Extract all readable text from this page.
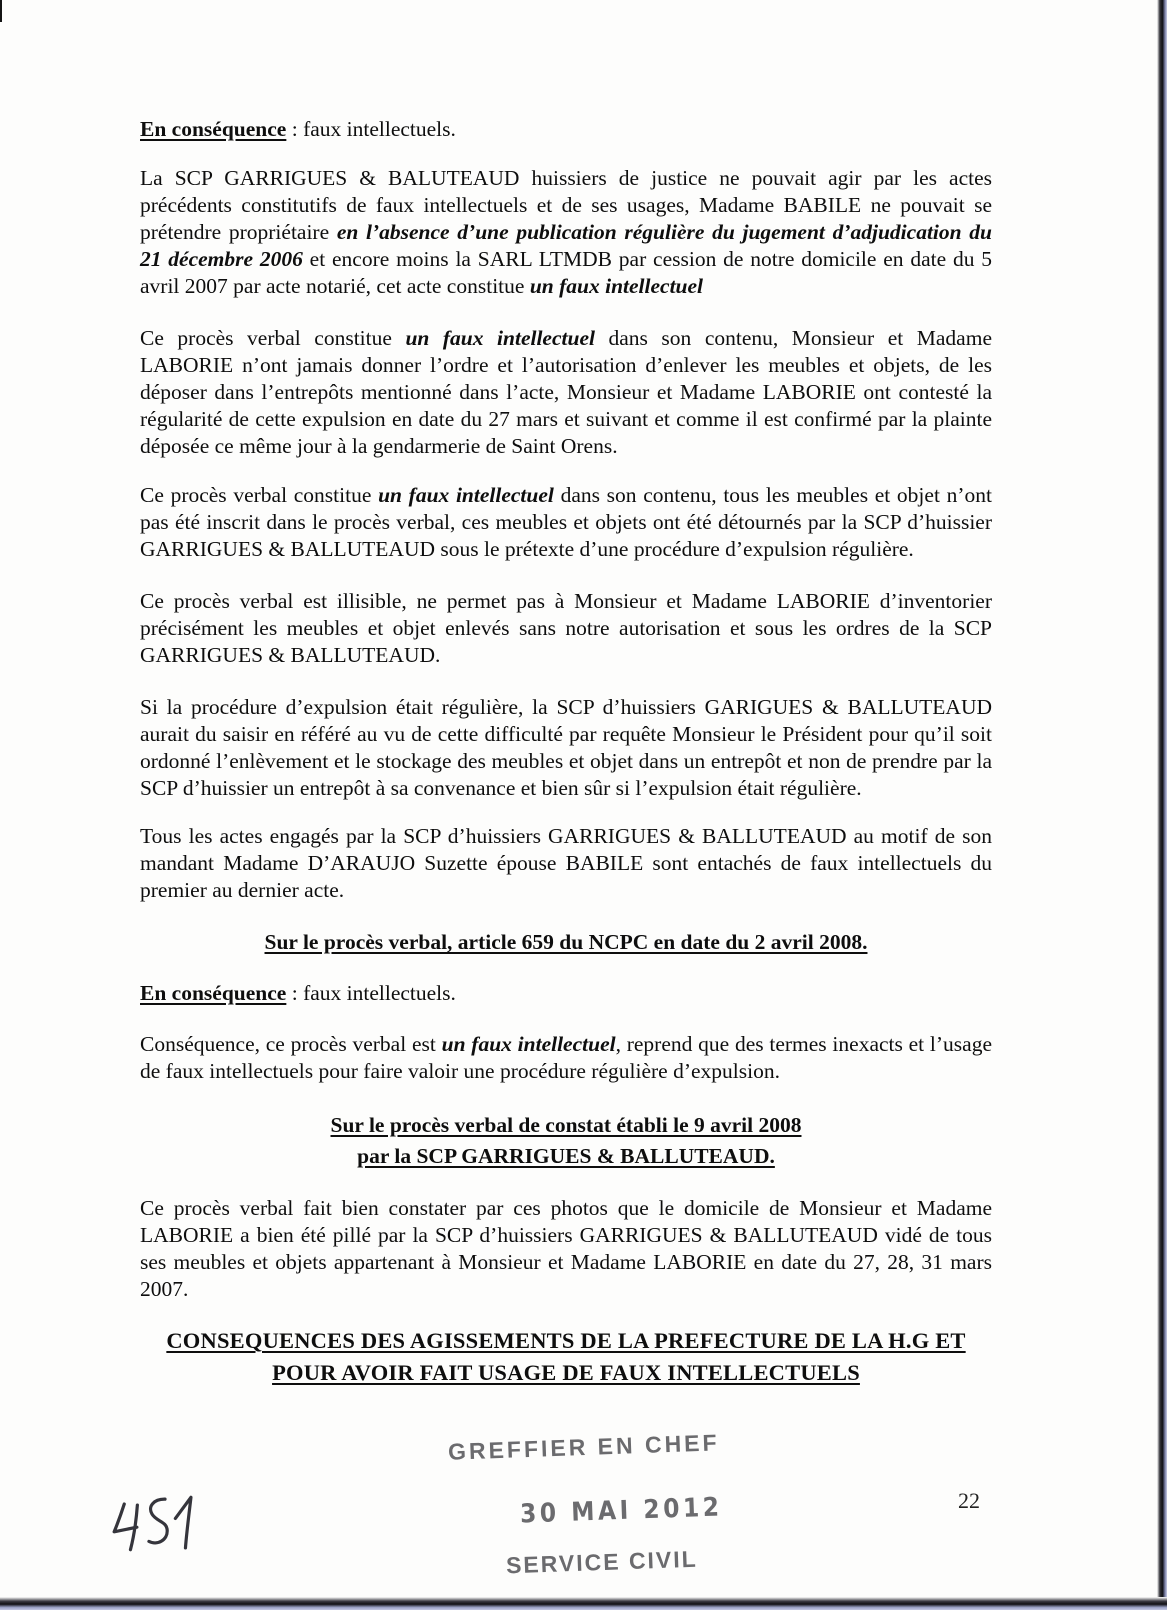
En conséquence : faux intellectuels.

La SCP GARRIGUES & BALUTEAUD huissiers de justice ne pouvait agir par les actes précédents constitutifs de faux intellectuels et de ses usages, Madame BABILE ne pouvait se prétendre propriétaire en l’absence d’une publication régulière du jugement d’adjudication du 21 décembre 2006 et encore moins la SARL LTMDB par cession de notre domicile en date du 5 avril 2007 par acte notarié, cet acte constitue un faux intellectuel

Ce procès verbal constitue un faux intellectuel dans son contenu, Monsieur et Madame LABORIE n’ont jamais donner l’ordre et l’autorisation d’enlever les meubles et objets, de les déposer dans l’entrepôts mentionné dans l’acte, Monsieur et Madame LABORIE ont contesté la régularité de cette expulsion en date du 27 mars et suivant et comme il est confirmé par la plainte déposée ce même jour à la gendarmerie de Saint Orens.

Ce procès verbal constitue un faux intellectuel dans son contenu, tous les meubles et objet n’ont pas été inscrit dans le procès verbal, ces meubles et objets ont été détournés par la SCP d’huissier GARRIGUES & BALLUTEAUD sous le prétexte d’une procédure d’expulsion régulière.

Ce procès verbal est illisible, ne permet pas à Monsieur et Madame LABORIE d’inventorier précisément les meubles et objet enlevés sans notre autorisation et sous les ordres de la SCP GARRIGUES & BALLUTEAUD.

Si la procédure d’expulsion était régulière, la SCP d’huissiers GARIGUES & BALLUTEAUD aurait du saisir en référé au vu de cette difficulté par requête Monsieur le Président pour qu’il soit ordonné l’enlèvement et le stockage des meubles et objet dans un entrepôt et non de prendre par la SCP d’huissier un entrepôt à sa convenance et bien sûr si l’expulsion était régulière.

Tous les actes engagés par la SCP d’huissiers GARRIGUES & BALLUTEAUD au motif de son mandant Madame D’ARAUJO Suzette épouse BABILE sont entachés de faux intellectuels du premier au dernier acte.

Sur le procès verbal, article 659 du NCPC en date du 2 avril 2008.

En conséquence : faux intellectuels.

Conséquence, ce procès verbal est un faux intellectuel, reprend que des termes inexacts et l’usage de faux intellectuels pour faire valoir une procédure régulière d’expulsion.

Sur le procès verbal de constat établi le 9 avril 2008

par la SCP GARRIGUES & BALLUTEAUD.

Ce procès verbal fait bien constater par ces photos que le domicile de Monsieur et Madame LABORIE a bien été pillé par la SCP d’huissiers GARRIGUES & BALLUTEAUD vidé de tous ses meubles et objets appartenant à Monsieur et Madame LABORIE en date du 27, 28, 31 mars 2007.

CONSEQUENCES DES AGISSEMENTS DE LA PREFECTURE DE LA H.G ET

POUR AVOIR FAIT USAGE DE FAUX INTELLECTUELS

GREFFIER EN CHEF
30 MAI 2012
SERVICE CIVIL
22
